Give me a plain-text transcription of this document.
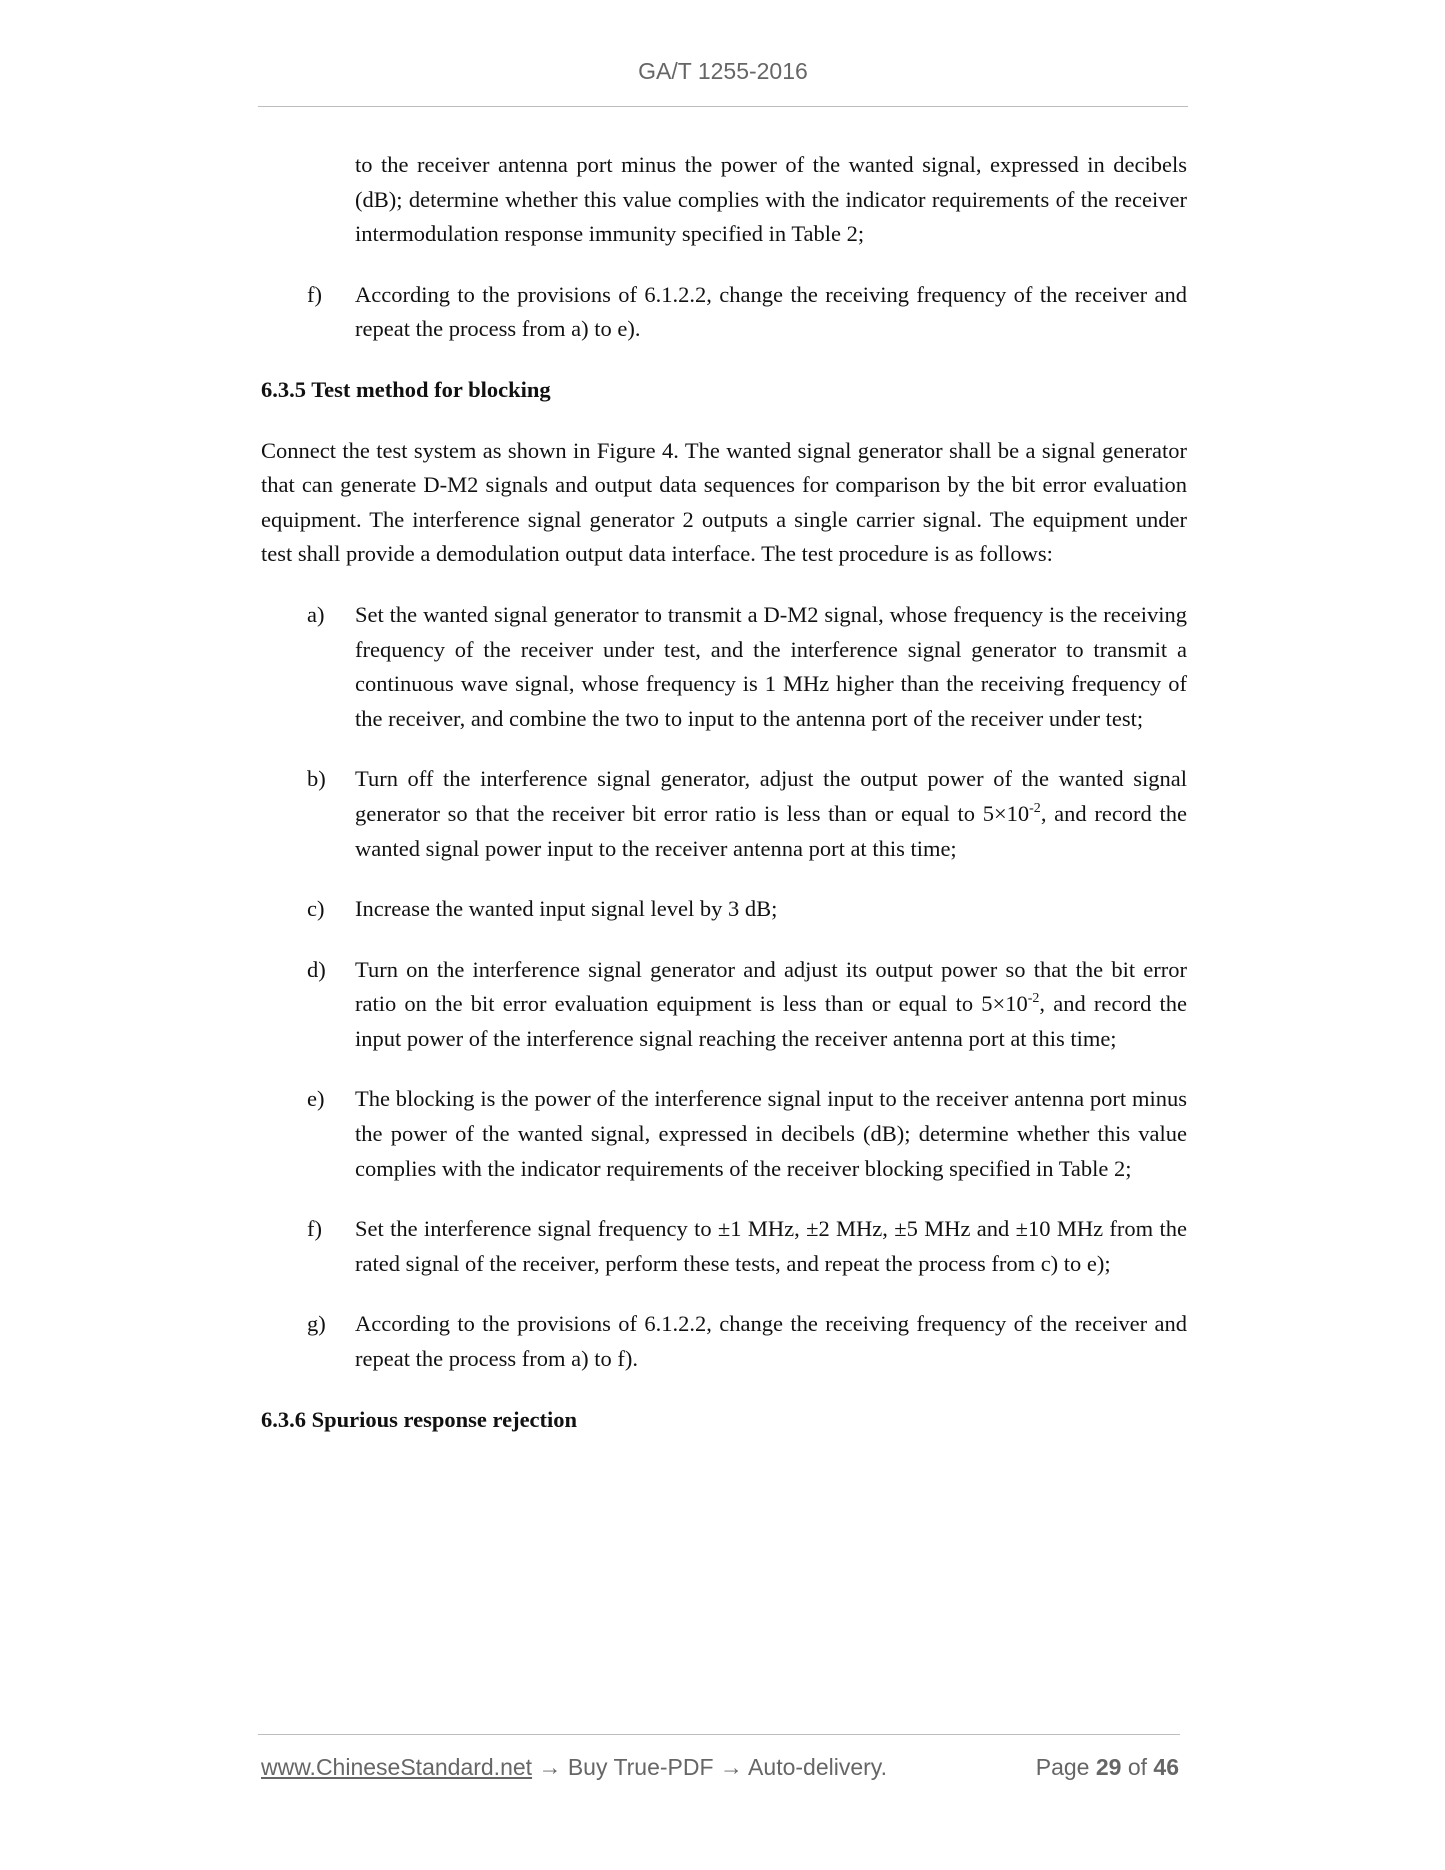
GA/T 1255-2016
to the receiver antenna port minus the power of the wanted signal, expressed in decibels (dB); determine whether this value complies with the indicator requirements of the receiver intermodulation response immunity specified in Table 2;
f) According to the provisions of 6.1.2.2, change the receiving frequency of the receiver and repeat the process from a) to e).
6.3.5 Test method for blocking
Connect the test system as shown in Figure 4. The wanted signal generator shall be a signal generator that can generate D-M2 signals and output data sequences for comparison by the bit error evaluation equipment. The interference signal generator 2 outputs a single carrier signal. The equipment under test shall provide a demodulation output data interface. The test procedure is as follows:
a) Set the wanted signal generator to transmit a D-M2 signal, whose frequency is the receiving frequency of the receiver under test, and the interference signal generator to transmit a continuous wave signal, whose frequency is 1 MHz higher than the receiving frequency of the receiver, and combine the two to input to the antenna port of the receiver under test;
b) Turn off the interference signal generator, adjust the output power of the wanted signal generator so that the receiver bit error ratio is less than or equal to $5\times 10^{-2}$, and record the wanted signal power input to the receiver antenna port at this time;
c) Increase the wanted input signal level by 3 dB;
d) Turn on the interference signal generator and adjust its output power so that the bit error ratio on the bit error evaluation equipment is less than or equal to $5\times 10^{-2}$, and record the input power of the interference signal reaching the receiver antenna port at this time;
e) The blocking is the power of the interference signal input to the receiver antenna port minus the power of the wanted signal, expressed in decibels (dB); determine whether this value complies with the indicator requirements of the receiver blocking specified in Table 2;
f) Set the interference signal frequency to ±1 MHz, ±2 MHz, ±5 MHz and ±10 MHz from the rated signal of the receiver, perform these tests, and repeat the process from c) to e);
g) According to the provisions of 6.1.2.2, change the receiving frequency of the receiver and repeat the process from a) to f).
6.3.6 Spurious response rejection
www.ChineseStandard.net → Buy True-PDF → Auto-delivery.	Page 29 of 46
